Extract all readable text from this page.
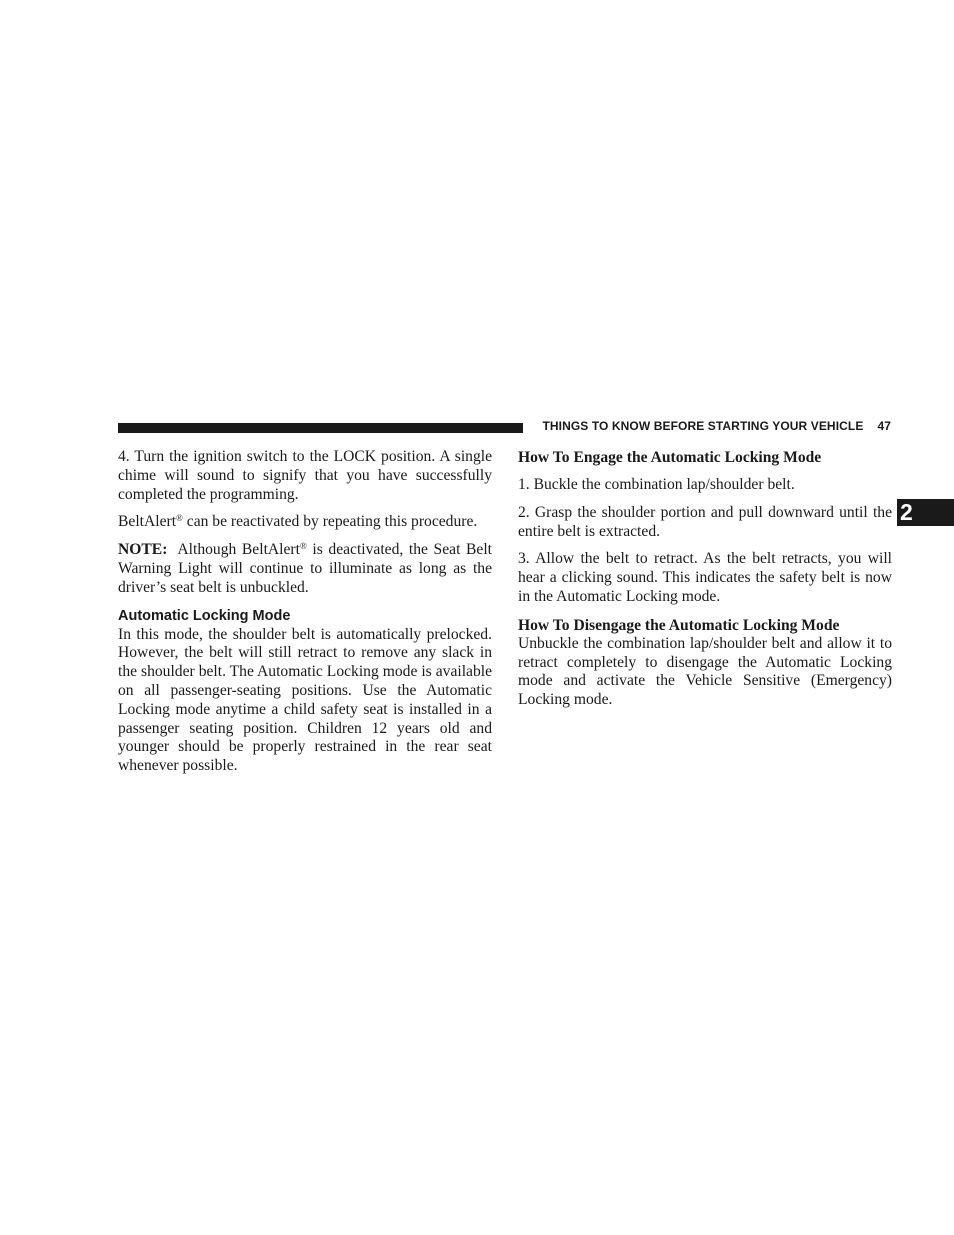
THINGS TO KNOW BEFORE STARTING YOUR VEHICLE 47
2

4. Turn the ignition switch to the LOCK position. A single chime will sound to signify that you have successfully completed the programming.

BeltAlert® can be reactivated by repeating this procedure.

NOTE: Although BeltAlert® is deactivated, the Seat Belt Warning Light will continue to illuminate as long as the driver’s seat belt is unbuckled.

Automatic Locking Mode

In this mode, the shoulder belt is automatically prelocked. However, the belt will still retract to remove any slack in the shoulder belt. The Automatic Locking mode is available on all passenger-seating positions. Use the Automatic Locking mode anytime a child safety seat is installed in a passenger seating position. Children 12 years old and younger should be properly restrained in the rear seat whenever possible.

How To Engage the Automatic Locking Mode

1. Buckle the combination lap/shoulder belt.

2. Grasp the shoulder portion and pull downward until the entire belt is extracted.

3. Allow the belt to retract. As the belt retracts, you will hear a clicking sound. This indicates the safety belt is now in the Automatic Locking mode.

How To Disengage the Automatic Locking Mode

Unbuckle the combination lap/shoulder belt and allow it to retract completely to disengage the Automatic Locking mode and activate the Vehicle Sensitive (Emergency) Locking mode.
